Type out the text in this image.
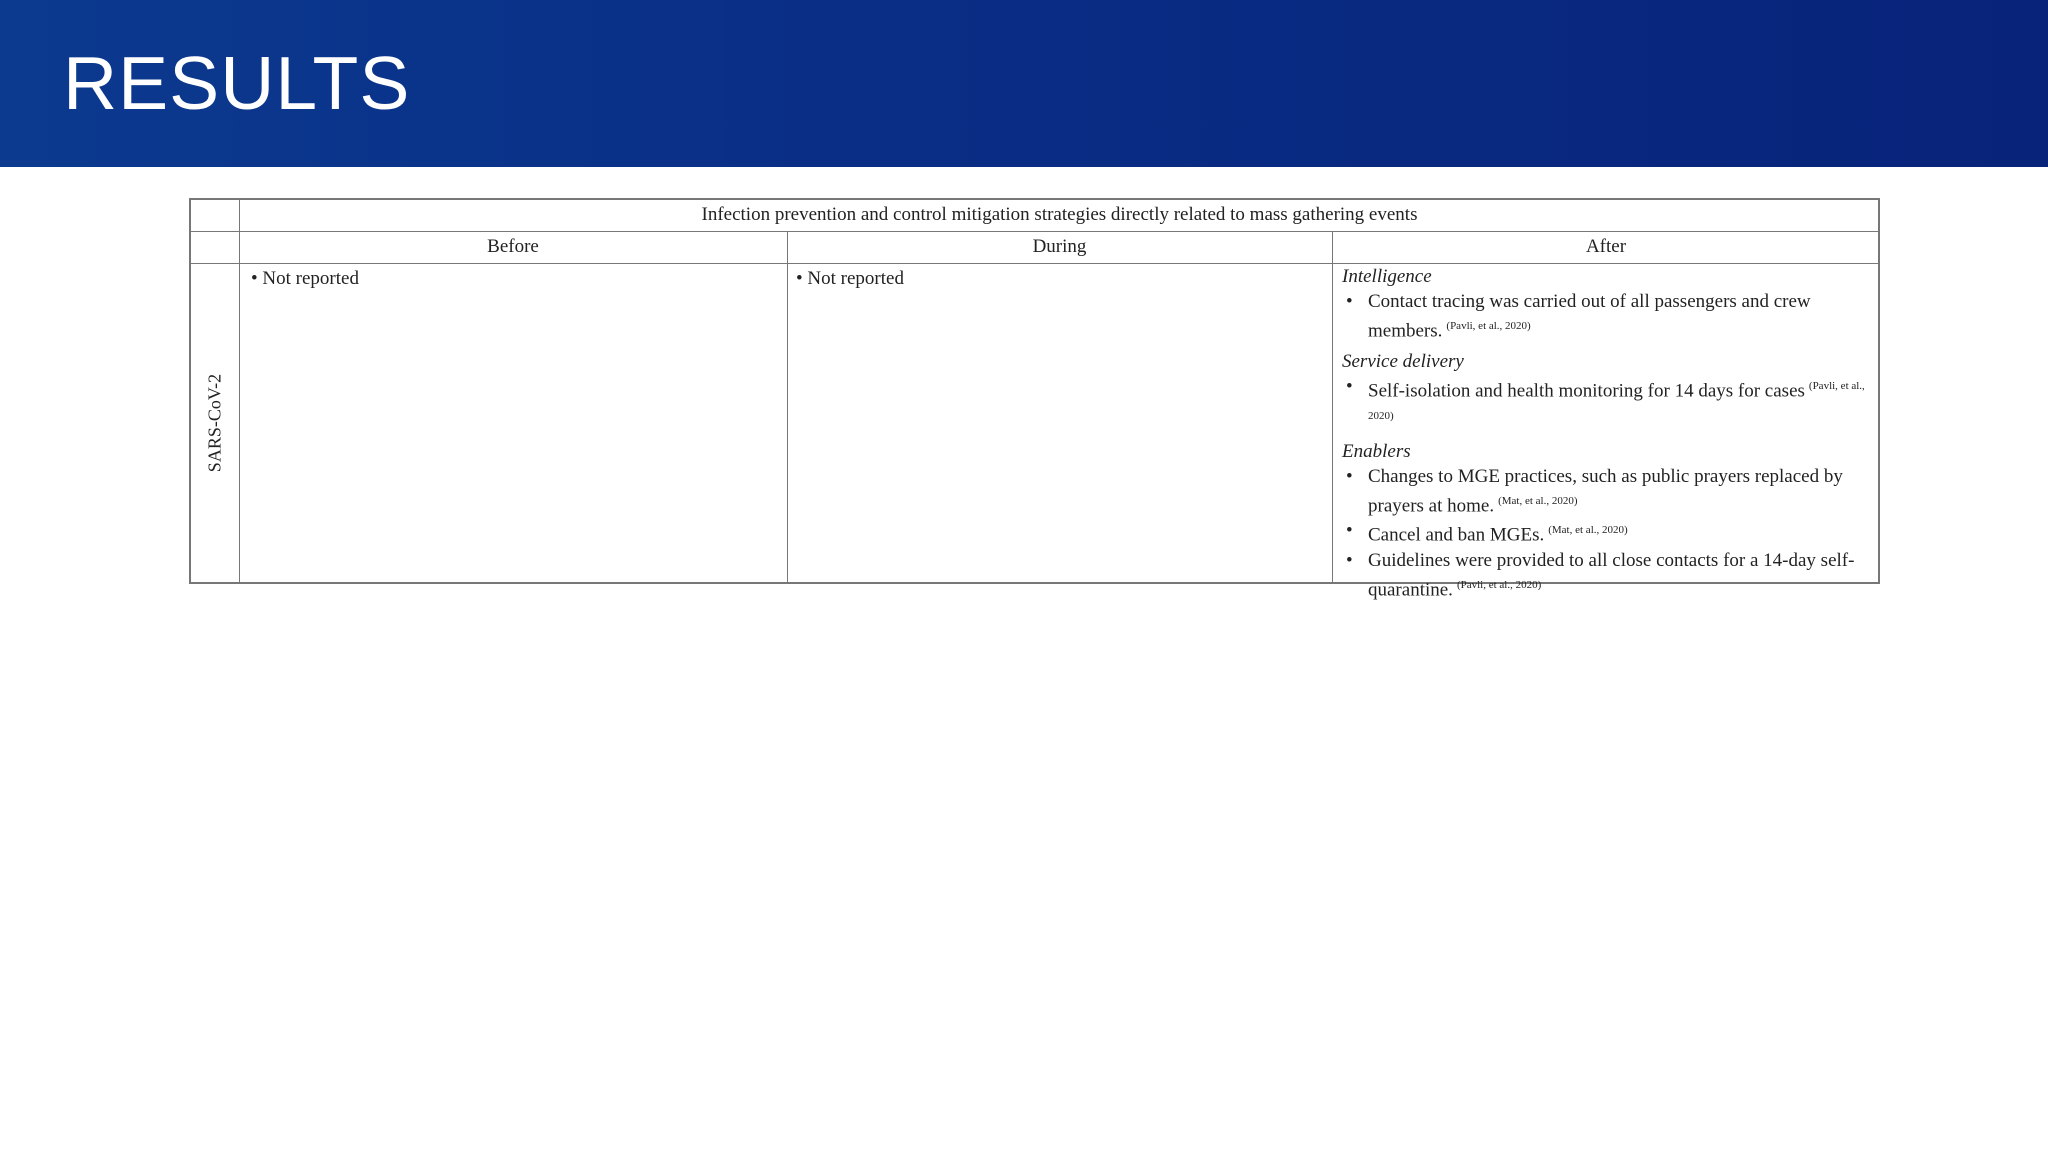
RESULTS
Infection prevention and control mitigation strategies directly related to mass gathering events
Before	During	After
SARS-CoV-2
• Not reported	• Not reported	Intelligence
• Contact tracing was carried out of all passengers and crew members. $^{(Pavli, et al., 2020)}$
Service delivery
• Self-isolation and health monitoring for 14 days for cases $^{(Pavli, et al., 2020)}$
Enablers
• Changes to MGE practices, such as public prayers replaced by prayers at home. $^{(Mat, et al., 2020)}$
• Cancel and ban MGEs. $^{(Mat, et al., 2020)}$
• Guidelines were provided to all close contacts for a 14-day self-quarantine. $^{(Pavli, et al., 2020)}$
